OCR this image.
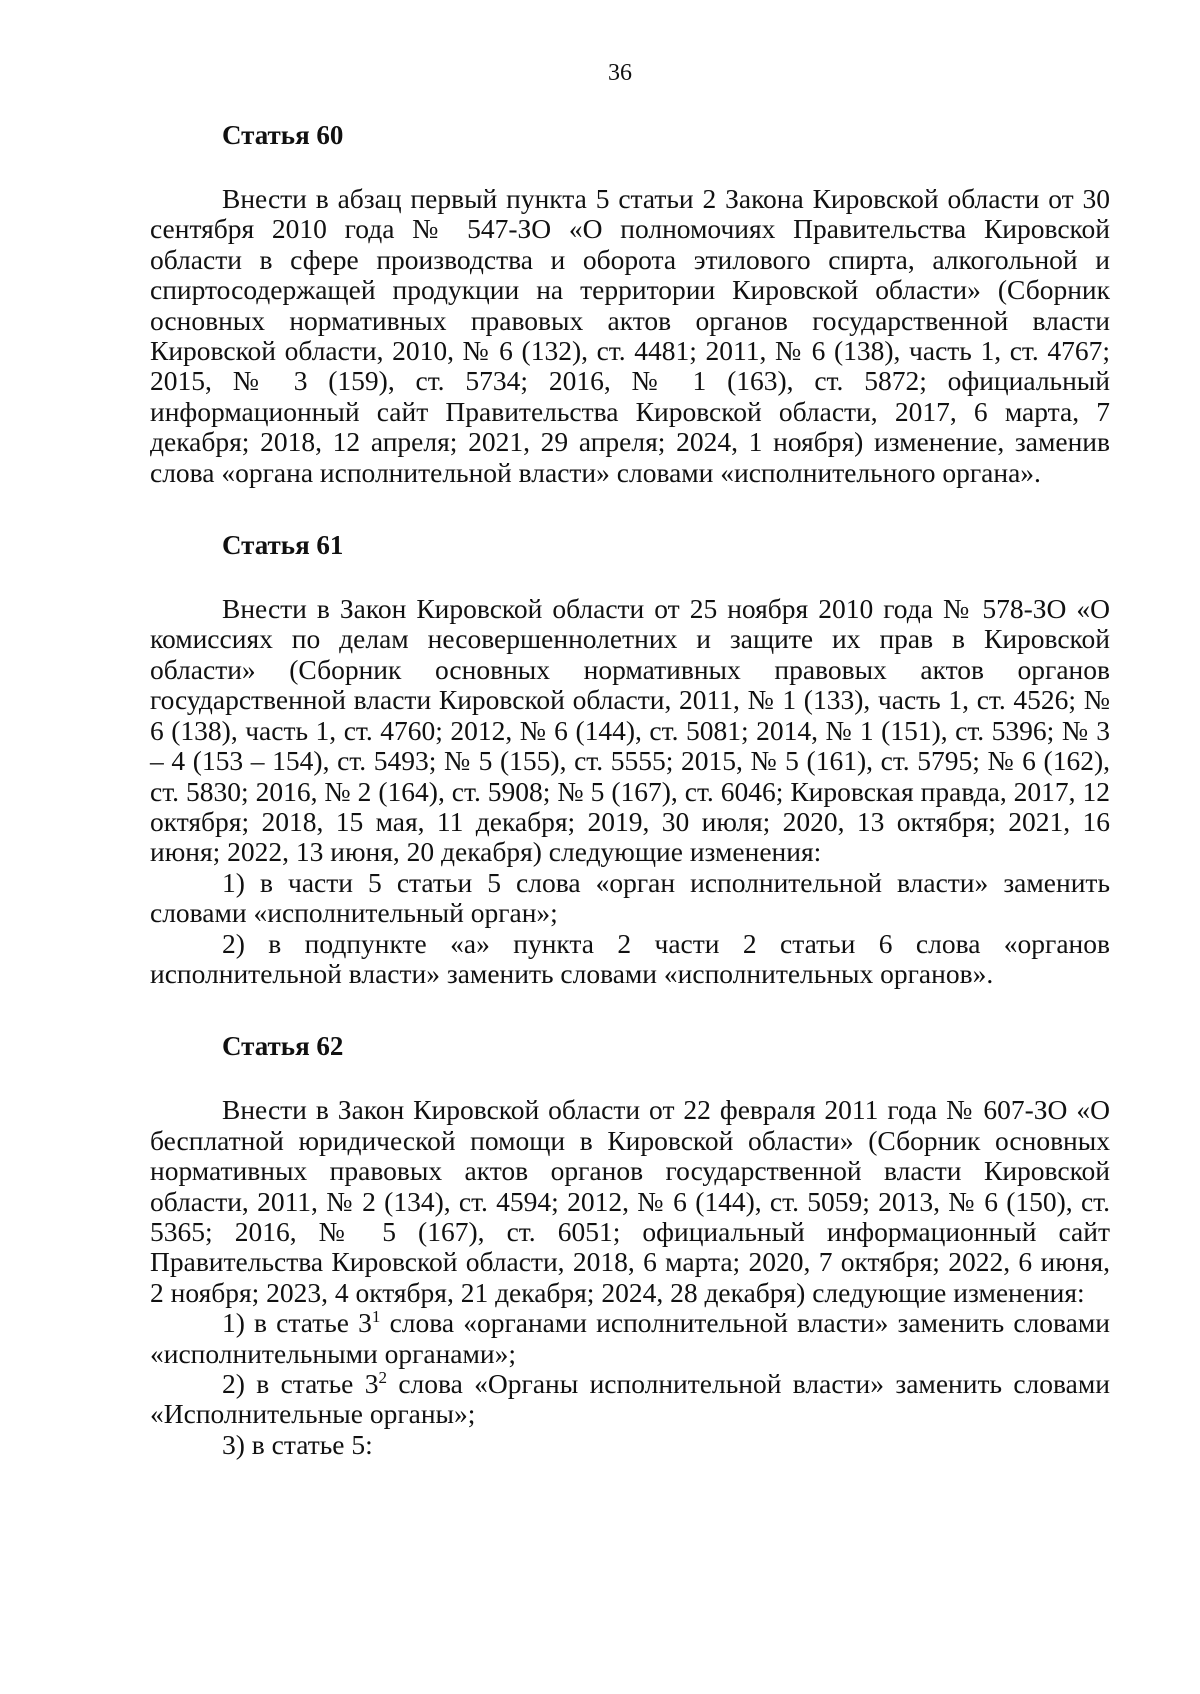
36
Статья 60

Внести в абзац первый пункта 5 статьи 2 Закона Кировской области от 30 сентября 2010 года № 547-ЗО «О полномочиях Правительства Кировской области в сфере производства и оборота этилового спирта, алкогольной и спиртосодержащей продукции на территории Кировской области» (Сборник основных нормативных правовых актов органов государственной власти Кировской области, 2010, № 6 (132), ст. 4481; 2011, № 6 (138), часть 1, ст. 4767; 2015, № 3 (159), ст. 5734; 2016, № 1 (163), ст. 5872; официальный информационный сайт Правительства Кировской области, 2017, 6 марта, 7 декабря; 2018, 12 апреля; 2021, 29 апреля; 2024, 1 ноября) изменение, заменив слова «органа исполнительной власти» словами «исполнительного органа».

Статья 61

Внести в Закон Кировской области от 25 ноября 2010 года № 578-ЗО «О комиссиях по делам несовершеннолетних и защите их прав в Кировской области» (Сборник основных нормативных правовых актов органов государственной власти Кировской области, 2011, № 1 (133), часть 1, ст. 4526; № 6 (138), часть 1, ст. 4760; 2012, № 6 (144), ст. 5081; 2014, № 1 (151), ст. 5396; № 3 – 4 (153 – 154), ст. 5493; № 5 (155), ст. 5555; 2015, № 5 (161), ст. 5795; № 6 (162), ст. 5830; 2016, № 2 (164), ст. 5908; № 5 (167), ст. 6046; Кировская правда, 2017, 12 октября; 2018, 15 мая, 11 декабря; 2019, 30 июля; 2020, 13 октября; 2021, 16 июня; 2022, 13 июня, 20 декабря) следующие изменения:

1) в части 5 статьи 5 слова «орган исполнительной власти» заменить словами «исполнительный орган»;

2) в подпункте «а» пункта 2 части 2 статьи 6 слова «органов исполнительной власти» заменить словами «исполнительных органов».

Статья 62

Внести в Закон Кировской области от 22 февраля 2011 года № 607-ЗО «О бесплатной юридической помощи в Кировской области» (Сборник основных нормативных правовых актов органов государственной власти Кировской области, 2011, № 2 (134), ст. 4594; 2012, № 6 (144), ст. 5059; 2013, № 6 (150), ст. 5365; 2016, № 5 (167), ст. 6051; официальный информационный сайт Правительства Кировской области, 2018, 6 марта; 2020, 7 октября; 2022, 6 июня, 2 ноября; 2023, 4 октября, 21 декабря; 2024, 28 декабря) следующие изменения:

1) в статье $3^1$ слова «органами исполнительной власти» заменить словами «исполнительными органами»;

2) в статье $3^2$ слова «Органы исполнительной власти» заменить словами «Исполнительные органы»;

3) в статье 5:
